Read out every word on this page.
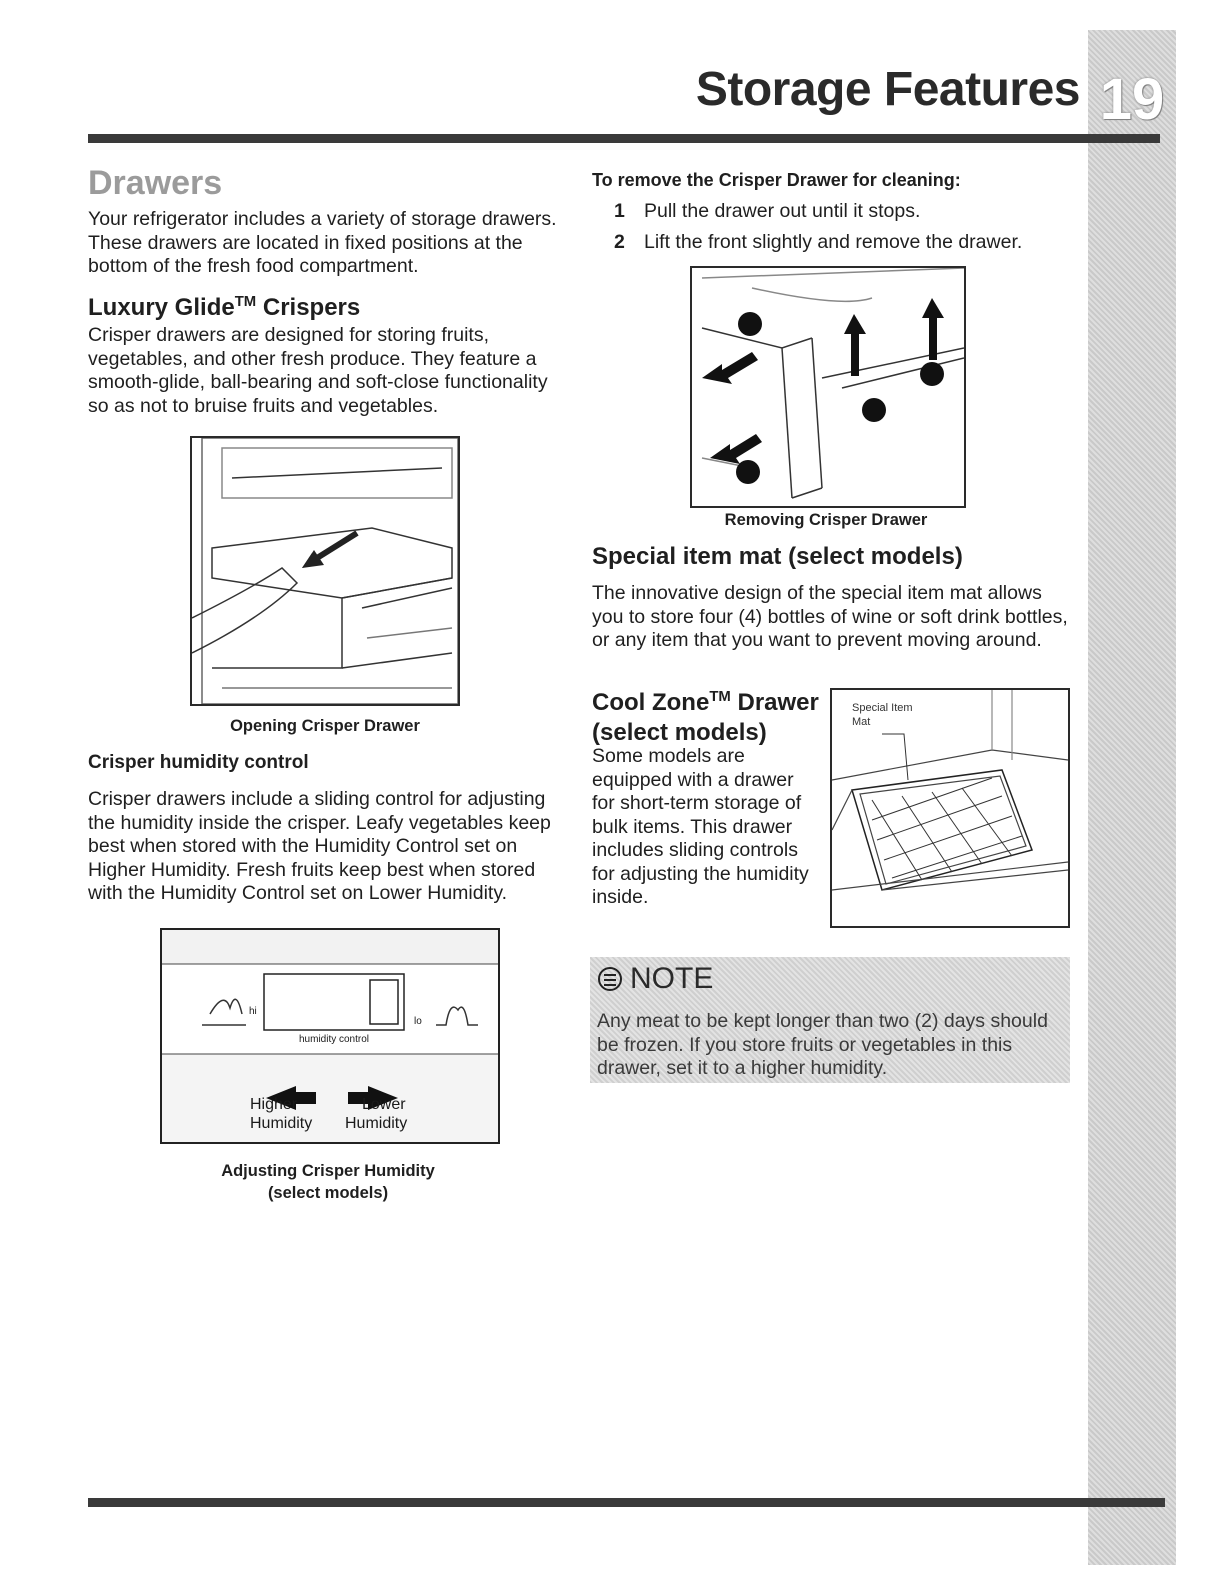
19
Storage Features
Drawers
Your refrigerator includes a variety of storage drawers. These drawers are located in fixed positions at the bottom of the fresh food compartment.
Luxury Glide™ Crispers
Crisper drawers are designed for storing fruits, vegetables, and other fresh produce. They feature a smooth-glide, ball-bearing and soft-close functionality so as not to bruise fruits and vegetables.
Opening Crisper Drawer
Crisper humidity control
Crisper drawers include a sliding control for adjusting the humidity inside the crisper. Leafy vegetables keep best when stored with the Humidity Control set on Higher Humidity. Fresh fruits keep best when stored with the Humidity Control set on Lower Humidity.
hi
lo
humidity control
Higher
Humidity
Lower
Humidity
Adjusting Crisper Humidity
(select models)
To remove the Crisper Drawer for cleaning:
1 Pull the drawer out until it stops.
2 Lift the front slightly and remove the drawer.
Removing Crisper Drawer
Special item mat (select models)
The innovative design of the special item mat allows you to store four (4) bottles of wine or soft drink bottles, or any item that you want to prevent moving around.
Cool Zone™ Drawer
(select models)
Some models are equipped with a drawer for short-term storage of bulk items. This drawer includes sliding controls for adjusting the humidity inside.
Special Item
Mat
NOTE
Any meat to be kept longer than two (2) days should be frozen. If you store fruits or vegetables in this drawer, set it to a higher humidity.
